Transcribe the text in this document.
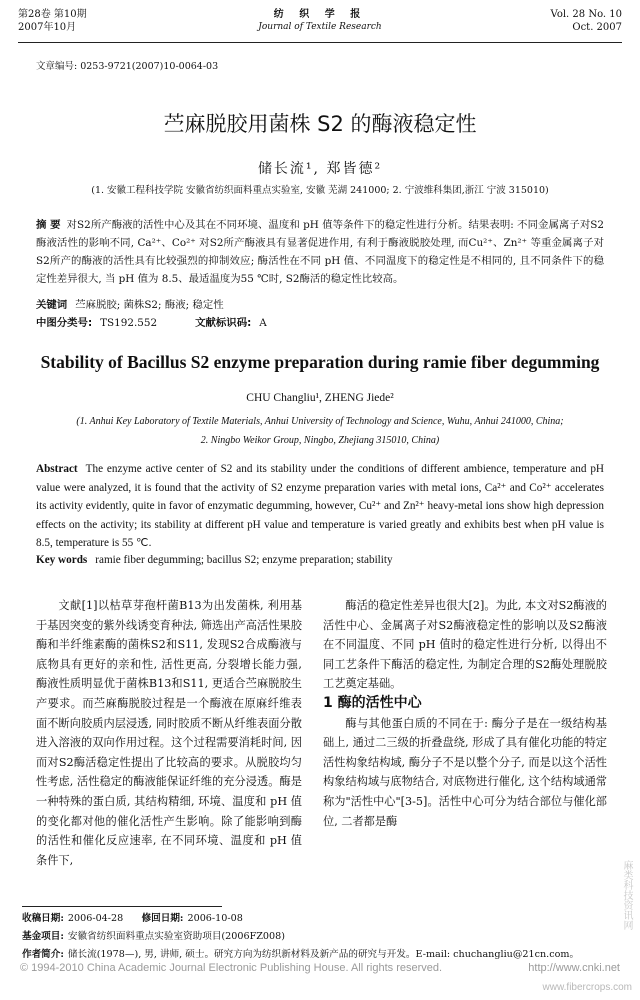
第28卷 第10期
2007年10月
纺 织 学 报
Journal of Textile Research
Vol. 28 No. 10
Oct. 2007
文章编号: 0253-9721(2007)10-0064-03
苎麻脱胶用菌株 S2 的酶液稳定性
储长流¹, 郑皆德²
(1. 安徽工程科技学院 安徽省纺织面料重点实验室, 安徽 芜湖 241000; 2. 宁波维科集团,浙江 宁波 315010)
摘 要 对S2所产酶液的活性中心及其在不同环境、温度和 pH 值等条件下的稳定性进行分析。结果表明: 不同金属离子对S2酶液活性的影响不同, Ca²⁺、Co²⁺ 对S2所产酶液具有显著促进作用, 有利于酶液脱胶处理, 而Cu²⁺、Zn²⁺ 等重金属离子对S2所产的酶液的活性具有比较强烈的抑制效应; 酶活性在不同 pH 值、不同温度下的稳定性是不相同的, 且不同条件下的稳定性差异很大, 当 pH 值为 8.5、最适温度为55 ℃时, S2酶活的稳定性比较高。
关键词 苎麻脱胶; 菌株S2; 酶液; 稳定性
中图分类号: TS192.552	文献标识码: A
Stability of Bacillus S2 enzyme preparation during ramie fiber degumming
CHU Changliu¹, ZHENG Jiede²
(1. Anhui Key Laboratory of Textile Materials, Anhui University of Technology and Science, Wuhu, Anhui 241000, China;
2. Ningbo Weikor Group, Ningbo, Zhejiang 315010, China)
Abstract The enzyme active center of S2 and its stability under the conditions of different ambience, temperature and pH value were analyzed, it is found that the activity of S2 enzyme preparation varies with metal ions, Ca²⁺ and Co²⁺ accelerates its activity evidently, quite in favor of enzymatic degumming, however, Cu²⁺ and Zn²⁺ heavy-metal ions show high depression effects on the activity; its stability at different pH value and temperature is varied greatly and exhibits best when pH value is 8.5, temperature is 55 ℃.
Key words ramie fiber degumming; bacillus S2; enzyme preparation; stability

文献[1]以枯草芽孢杆菌B13为出发菌株, 利用基于基因突变的紫外线诱变育种法, 筛选出产高活性果胶酶和半纤维素酶的菌株S2和S11, 发现S2合成酶液与底物具有更好的亲和性, 活性更高, 分裂增长能力强, 酶液性质明显优于菌株B13和S11, 更适合苎麻脱胶生产要求。而苎麻酶脱胶过程是一个酶液在原麻纤维表面不断向胶质内层浸透, 同时胶质不断从纤维表面分散进入溶液的双向作用过程。这个过程需要消耗时间, 因而对S2酶活稳定性提出了比较高的要求。从脱胶均匀性考虑, 活性稳定的酶液能保证纤维的充分浸透。酶是一种特殊的蛋白质, 其结构精细, 环境、温度和 pH 值的变化都对他的催化活性产生影响。除了能影响到酶的活性和催化反应速率, 在不同环境、温度和 pH 值条件下,

酶活的稳定性差异也很大[2]。为此, 本文对S2酶液的活性中心、金属离子对S2酶液稳定性的影响以及S2酶液在不同温度、不同 pH 值时的稳定性进行分析, 以得出不同工艺条件下酶活的稳定性, 为制定合理的S2酶处理脱胶工艺奠定基础。

1 酶的活性中心

酶与其他蛋白质的不同在于: 酶分子是在一级结构基础上, 通过二三级的折叠盘绕, 形成了具有催化功能的特定活性构象结构域, 酶分子不是以整个分子, 而是以这个活性构象结构域与底物结合, 对底物进行催化, 这个结构域通常称为"活性中心"[3-5]。活性中心可分为结合部位与催化部位, 二者都是酶

收稿日期: 2006-04-28 修回日期: 2006-10-08
基金项目: 安徽省纺织面料重点实验室资助项目(2006FZ008)
作者简介: 储长流(1978—), 男, 讲师, 硕士。研究方向为纺织新材料及新产品的研究与开发。E-mail: chuchangliu@21cn.com。
© 1994-2010 China Academic Journal Electronic Publishing House. All rights reserved.	http://www.cnki.net
麻类科技资讯网
www.fibercrops.com
